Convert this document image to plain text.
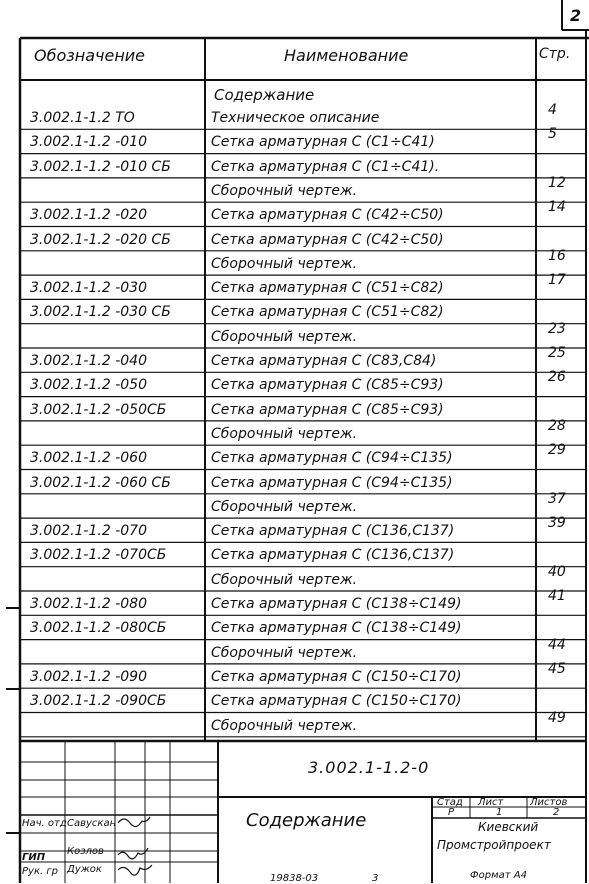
2
Обозначение	Наименование	Стр.
Содержание
3.002.1-1.2 ТО	Техническое описание	4
3.002.1-1.2 -010	Сетка арматурная С (С1÷С41)	5
3.002.1-1.2 -010 СБ	Сетка арматурная С (С1÷С41).
Сборочный чертеж.	12
3.002.1-1.2 -020	Сетка арматурная С (С42÷С50)	14
3.002.1-1.2 -020 СБ	Сетка арматурная С (С42÷С50)
Сборочный чертеж.	16
3.002.1-1.2 -030	Сетка арматурная С (С51÷С82)	17
3.002.1-1.2 -030 СБ	Сетка арматурная С (С51÷С82)
Сборочный чертеж.	23
3.002.1-1.2 -040	Сетка арматурная С (С83,С84)	25
3.002.1-1.2 -050	Сетка арматурная С (С85÷С93)	26
3.002.1-1.2 -050СБ	Сетка арматурная С (С85÷С93)
Сборочный чертеж.	28
3.002.1-1.2 -060	Сетка арматурная С (С94÷С135)	29
3.002.1-1.2 -060 СБ	Сетка арматурная С (С94÷С135)
Сборочный чертеж.	37
3.002.1-1.2 -070	Сетка арматурная С (С136,С137)	39
3.002.1-1.2 -070СБ	Сетка арматурная С (С136,С137)
Сборочный чертеж.	40
3.002.1-1.2 -080	Сетка арматурная С (С138÷С149)	41
3.002.1-1.2 -080СБ	Сетка арматурная С (С138÷С149)
Сборочный чертеж.	44
3.002.1-1.2 -090	Сетка арматурная С (С150÷С170)	45
3.002.1-1.2 -090СБ	Сетка арматурная С (С150÷С170)
Сборочный чертеж.	49
3.002.1-1.2-0
Содержание
Стад Лист	Листов
Р	1	2
Киевский
Промстройпроект
Нач. отд Савускан
ГИП
Козлов
Рук. гр Дужок
19838-03	3	Формат А4
